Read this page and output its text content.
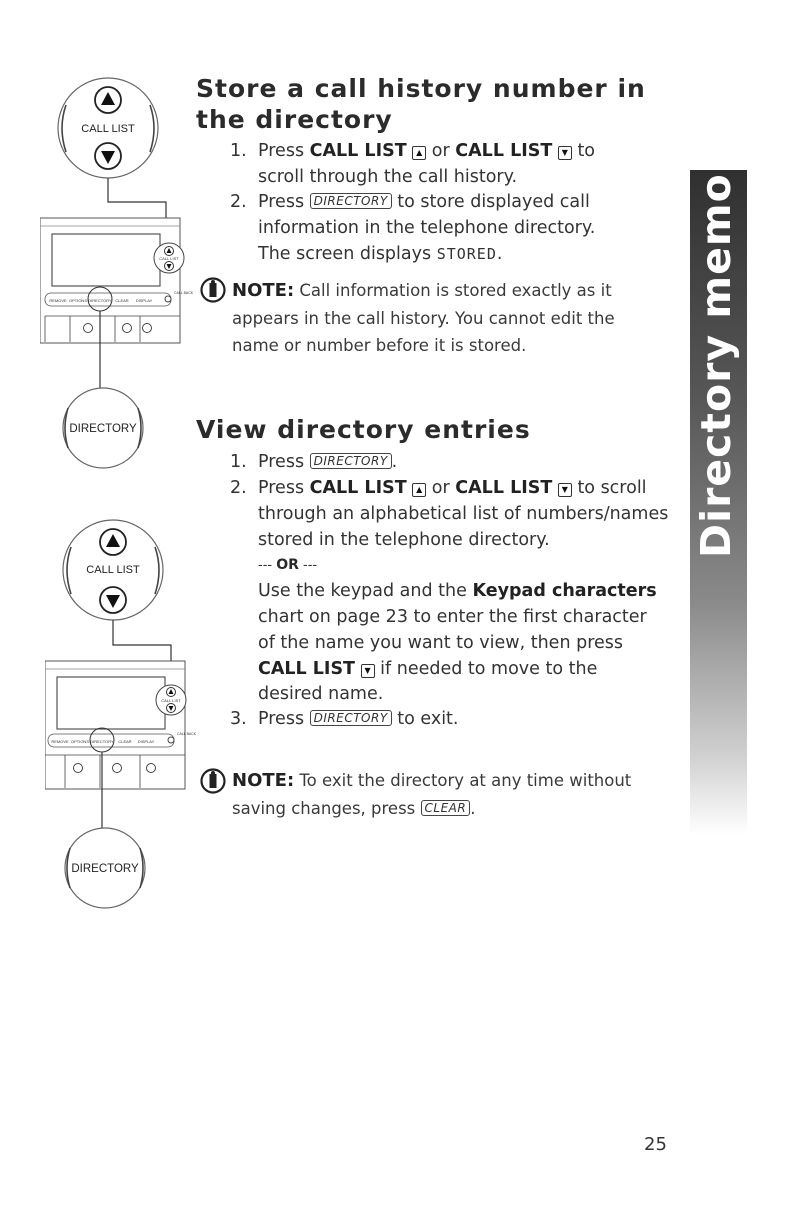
CALL LIST
CALL LIST
REMOVE OPTIONS DIRECTORY CLEAR DISPLAY
CALL BACK
DIRECTORY
CALL LIST
CALL LIST
REMOVE OPTIONS DIRECTORY CLEAR DISPLAY
CALL BACK
DIRECTORY
Store a call history number in
the directory
1. Press CALL LIST ▲ or CALL LIST ▼ to

scroll through the call history.

2. Press DIRECTORY to store displayed call

information in the telephone directory.

The screen displays STORED.

NOTE: Call information is stored exactly as it appears in the call history. You cannot edit the name or number before it is stored.
View directory entries
1. Press DIRECTORY .

2. Press CALL LIST ▲ or CALL LIST ▼ to scroll

through an alphabetical list of numbers/names

stored in the telephone directory.

--- OR ---

Use the keypad and the Keypad characters

chart on page 23 to enter the first character

of the name you want to view, then press

CALL LIST ▼ if needed to move to the

desired name.

3. Press DIRECTORY to exit.

NOTE: To exit the directory at any time without

saving changes, press CLEAR .

Directory memory
25
